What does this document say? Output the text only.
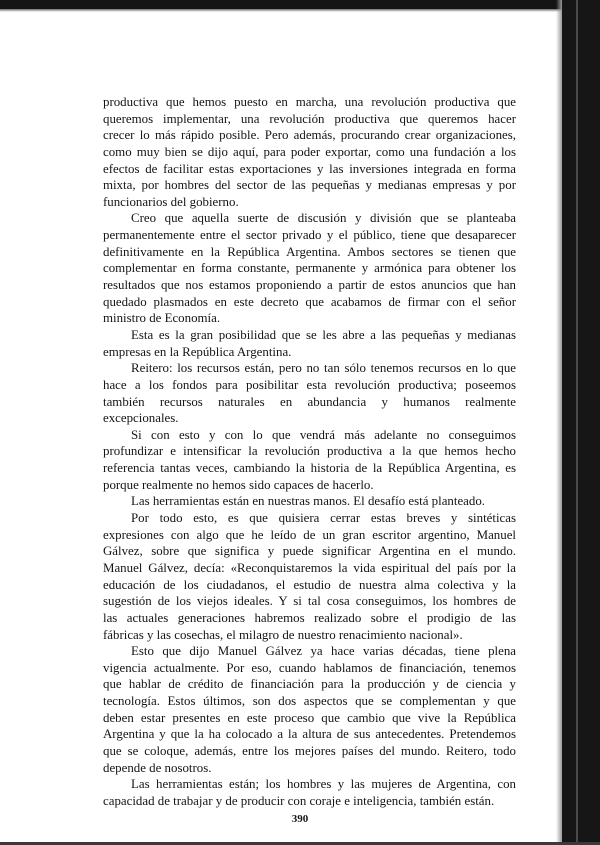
productiva que hemos puesto en marcha, una revolución productiva que
queremos implementar, una revolución productiva que queremos hacer
crecer lo más rápido posible. Pero además, procurando crear organizaciones,
como muy bien se dijo aquí, para poder exportar, como una fundación a los
efectos de facilitar estas exportaciones y las inversiones integrada en forma
mixta, por hombres del sector de las pequeñas y medianas empresas y por
funcionarios del gobierno.
Creo que aquella suerte de discusión y división que se planteaba
permanentemente entre el sector privado y el público, tiene que desaparecer
definitivamente en la República Argentina. Ambos sectores se tienen que
complementar en forma constante, permanente y armónica para obtener los
resultados que nos estamos proponiendo a partir de estos anuncios que han
quedado plasmados en este decreto que acabamos de firmar con el señor
ministro de Economía.
Esta es la gran posibilidad que se les abre a las pequeñas y medianas
empresas en la República Argentina.
Reitero: los recursos están, pero no tan sólo tenemos recursos en lo que
hace a los fondos para posibilitar esta revolución productiva; poseemos
también recursos naturales en abundancia y humanos realmente
excepcionales.
Si con esto y con lo que vendrá más adelante no conseguimos
profundizar e intensificar la revolución productiva a la que hemos hecho
referencia tantas veces, cambiando la historia de la República Argentina, es
porque realmente no hemos sido capaces de hacerlo.
Las herramientas están en nuestras manos. El desafío está planteado.
Por todo esto, es que quisiera cerrar estas breves y sintéticas
expresiones con algo que he leído de un gran escritor argentino, Manuel
Gálvez, sobre que significa y puede significar Argentina en el mundo.
Manuel Gálvez, decía: «Reconquistaremos la vida espiritual del país por la
educación de los ciudadanos, el estudio de nuestra alma colectiva y la
sugestión de los viejos ideales. Y si tal cosa conseguimos, los hombres de
las actuales generaciones habremos realizado sobre el prodigio de las
fábricas y las cosechas, el milagro de nuestro renacimiento nacional».
Esto que dijo Manuel Gálvez ya hace varias décadas, tiene plena
vigencia actualmente. Por eso, cuando hablamos de financiación, tenemos
que hablar de crédito de financiación para la producción y de ciencia y
tecnología. Estos últimos, son dos aspectos que se complementan y que
deben estar presentes en este proceso que cambio que vive la República
Argentina y que la ha colocado a la altura de sus antecedentes. Pretendemos
que se coloque, además, entre los mejores países del mundo. Reitero, todo
depende de nosotros.
Las herramientas están; los hombres y las mujeres de Argentina, con
capacidad de trabajar y de producir con coraje e inteligencia, también están.
390
